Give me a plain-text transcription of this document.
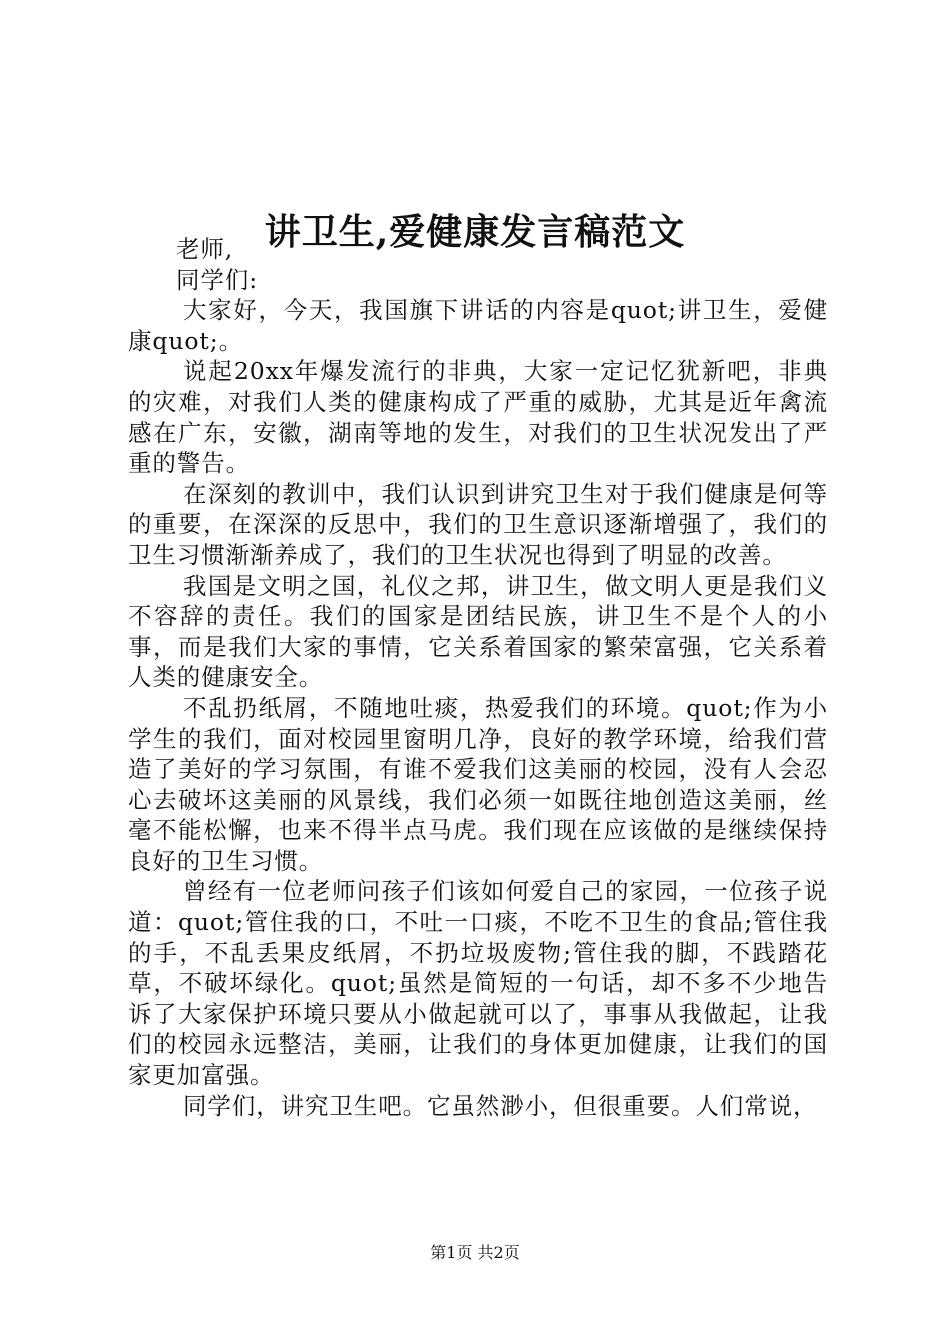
讲卫生,爱健康发言稿范文

老师,

同学们:

大家好，今天，我国旗下讲话的内容是quot;讲卫生，爱健康quot;。

说起20xx年爆发流行的非典，大家一定记忆犹新吧，非典的灾难，对我们人类的健康构成了严重的威胁，尤其是近年禽流感在广东，安徽，湖南等地的发生，对我们的卫生状况发出了严重的警告。

在深刻的教训中，我们认识到讲究卫生对于我们健康是何等的重要，在深深的反思中，我们的卫生意识逐渐增强了，我们的卫生习惯渐渐养成了，我们的卫生状况也得到了明显的改善。

我国是文明之国，礼仪之邦，讲卫生，做文明人更是我们义不容辞的责任。我们的国家是团结民族，讲卫生不是个人的小事，而是我们大家的事情，它关系着国家的繁荣富强，它关系着人类的健康安全。

不乱扔纸屑，不随地吐痰，热爱我们的环境。quot;作为小学生的我们，面对校园里窗明几净，良好的教学环境，给我们营造了美好的学习氛围，有谁不爱我们这美丽的校园，没有人会忍心去破坏这美丽的风景线，我们必须一如既往地创造这美丽，丝毫不能松懈，也来不得半点马虎。我们现在应该做的是继续保持良好的卫生习惯。

曾经有一位老师问孩子们该如何爱自己的家园，一位孩子说道：quot;管住我的口，不吐一口痰，不吃不卫生的食品;管住我的手，不乱丢果皮纸屑，不扔垃圾废物;管住我的脚，不践踏花草，不破坏绿化。quot;虽然是简短的一句话，却不多不少地告诉了大家保护环境只要从小做起就可以了，事事从我做起，让我们的校园永远整洁，美丽，让我们的身体更加健康，让我们的国家更加富强。

同学们，讲究卫生吧。它虽然渺小，但很重要。人们常说，

第1页 共2页
